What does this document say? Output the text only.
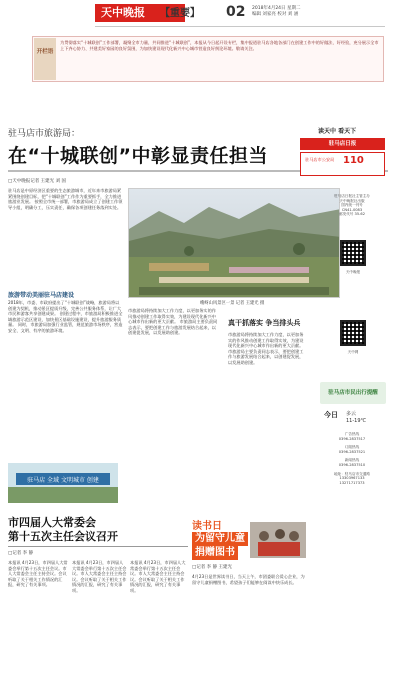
天中晚报	【重要】 02 2018年4月24日 星期二
编辑 刘家亮 校对 刘 涵
开栏语
为贯彻落实“十城联创”工作部署，凝聚全市力量，共同推进“十城联创”，本报从今日起开设专栏，集中报道驻马店各地各部门在创建工作中的好做法、好经验，充分展示全市上下齐心协力、共建美好家园的良好氛围，为加快建设现代化新兴中心城市营造良好舆论环境。敬请关注。
驻马店市旅游局：
在“十城联创”中彰显责任担当
□天中晚报记者 王建光 刘 国
驻马店是中原经济区重要的生态旅游城市，近年来市旅游局紧紧围绕创建目标，把“十城联创”工作作为重要抓手，全力推进旅游业发展。 按照全市统一部署，市旅游局成立了创建工作领导小组，明确分工，压实责任，确保各项创建任务落到实处。
旅游带动美丽驻马店建设
2018年，市委、市政府提出了“十城联创”战略，旅游局将以创建为契机，推动景区提质升级，完善公共服务体系，让广大市民和游客共享创建成果。 创建过程中，市旅游局积极推进全域旅游示范区建设，加快景区基础设施建设，提升旅游服务质量。 同时，市旅游局加强行业监管，规范旅游市场秩序，营造安全、文明、有序的旅游环境。
嵖岈山风景区一景 记者 王建光 摄
市旅游局将持续加大工作力度，以更加务实的作风推动创建工作取得实效，为建设现代化新兴中心城市作出新的更大贡献。 市旅游局主要负责同志表示，要把创建工作与旅游发展结合起来，以创建促发展，以发展助创建。
真干抓落实 争当排头兵
市旅游局将持续加大工作力度，以更加务实的作风推动创建工作取得实效，为建设现代化新兴中心城市作出新的更大贡献。 市旅游局主要负责同志表示，要把创建工作与旅游发展结合起来，以创建促发展，以发展助创建。
驻马店 全域 文明城市 创建
市四届人大常委会
第十五次主任会议召开
□记者 李 静
本报讯 4月23日，市四届人大常委会举行第十五次主任会议。市人大常委会主任主持会议。会议听取了关于相关工作情况的汇报，研究了有关事项。
本报讯 4月23日，市四届人大常委会举行第十五次主任会议。市人大常委会主任主持会议。会议听取了关于相关工作情况的汇报，研究了有关事项。
本报讯 4月23日，市四届人大常委会举行第十五次主任会议。市人大常委会主任主持会议。会议听取了关于相关工作情况的汇报，研究了有关事项。
读书日
为留守儿童
捐赠图书
□记者 李 静 王建光
4月23日是世界读书日，当天上午，市团委联合爱心企业，为留守儿童捐赠图书，希望孩子们能够在阅读中快乐成长。
读天中 看天下
驻马店日报
驻马店市公安局 110
驻马店日报社主管主办
天中晚报社出版
国内统一刊号
CN41-0083
邮发代号 35-62
天中晚报
天中网
驻马店市民出行提醒
今日 多云
11-19℃
广告热线
0396-2837517
订阅热线
0396-2837521
新闻热线
0396-2837510
地址：驻马店市交通路
13303967133
13271717373
